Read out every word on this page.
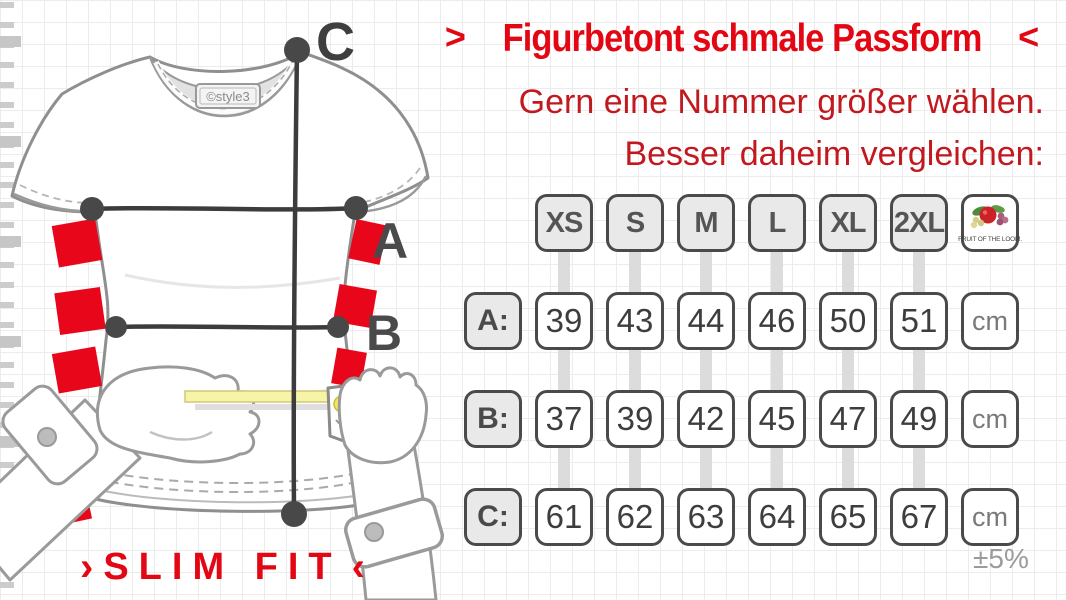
©style3
C
A
B
› SLIM FIT ‹
> Figurbetont schmale Passform <
Gern eine Nummer größer wählen.
Besser daheim vergleichen:
XS S M L XL 2XL
FRUIT OF THE LOOM.
A: 39 43 44 46 50 51 cm
B: 37 39 42 45 47 49 cm
C: 61 62 63 64 65 67 cm
±5%
